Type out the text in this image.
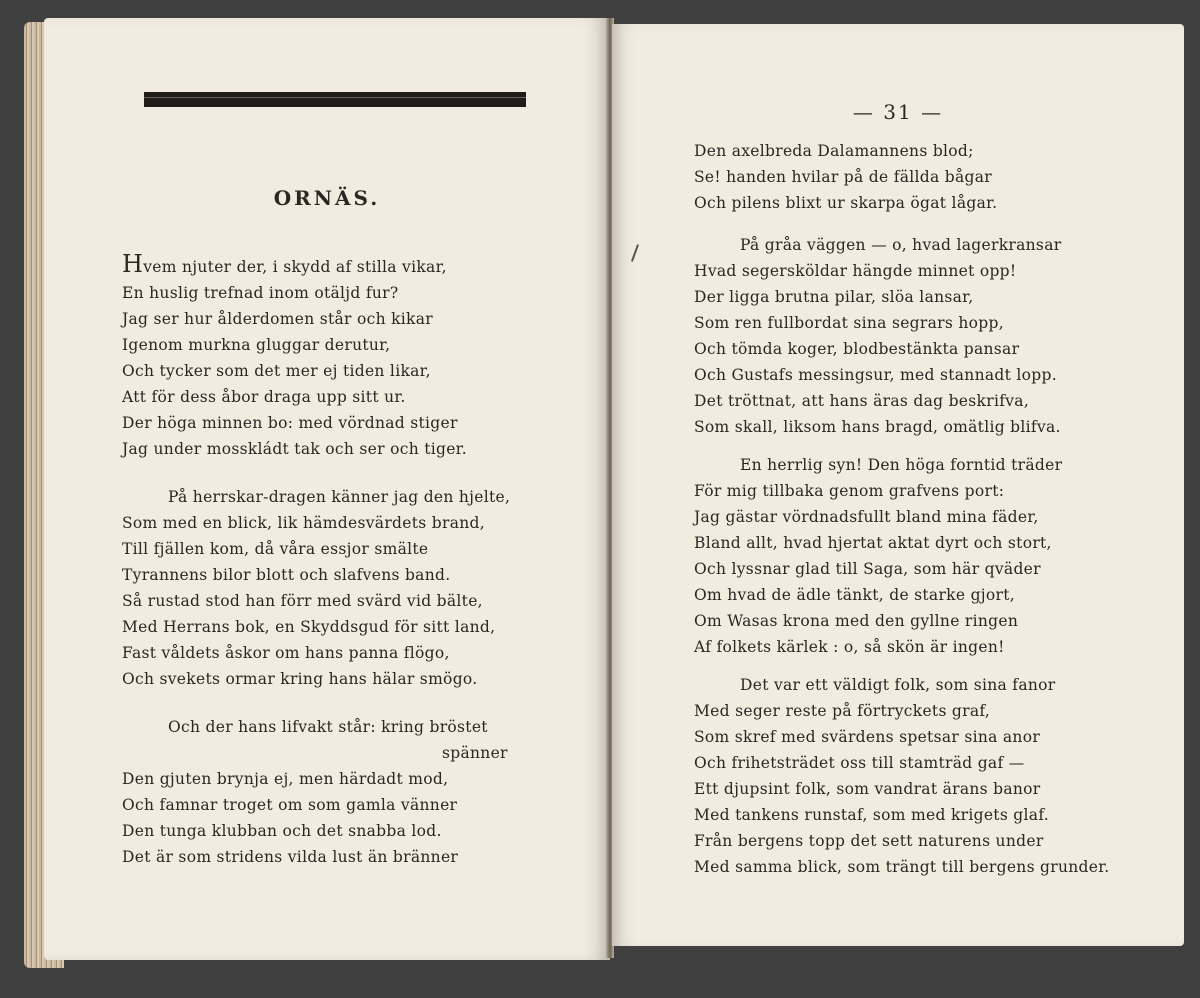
ORNÄS.
Hvem njuter der, i skydd af stilla vikar,
En huslig trefnad inom otäljd fur?
Jag ser hur ålderdomen står och kikar
Igenom murkna gluggar derutur,
Och tycker som det mer ej tiden likar,
Att för dess åbor draga upp sitt ur.
Der höga minnen bo: med vördnad stiger
Jag under mosskládt tak och ser och tiger.
På herrskar-dragen känner jag den hjelte,
Som med en blick, lik hämdesvärdets brand,
Till fjällen kom, då våra essjor smälte
Tyrannens bilor blott och slafvens band.
Så rustad stod han förr med svärd vid bälte,
Med Herrans bok, en Skyddsgud för sitt land,
Fast våldets åskor om hans panna flögo,
Och svekets ormar kring hans hälar smögo.
Och der hans lifvakt står: kring bröstet
spänner
Den gjuten brynja ej, men härdadt mod,
Och famnar troget om som gamla vänner
Den tunga klubban och det snabba lod.
Det är som stridens vilda lust än bränner
— 31 —
Den axelbreda Dalamannens blod;
Se! handen hvilar på de fällda bågar
Och pilens blixt ur skarpa ögat lågar.
På gråa väggen — o, hvad lagerkransar
Hvad segersköldar hängde minnet opp!
Der ligga brutna pilar, slöa lansar,
Som ren fullbordat sina segrars hopp,
Och tömda koger, blodbestänkta pansar
Och Gustafs messingsur, med stannadt lopp.
Det tröttnat, att hans äras dag beskrifva,
Som skall, liksom hans bragd, omätlig blifva.
En herrlig syn! Den höga forntid träder
För mig tillbaka genom grafvens port:
Jag gästar vördnadsfullt bland mina fäder,
Bland allt, hvad hjertat aktat dyrt och stort,
Och lyssnar glad till Saga, som här qväder
Om hvad de ädle tänkt, de starke gjort,
Om Wasas krona med den gyllne ringen
Af folkets kärlek : o, så skön är ingen!
Det var ett väldigt folk, som sina fanor
Med seger reste på förtryckets graf,
Som skref med svärdens spetsar sina anor
Och frihetsträdet oss till stamträd gaf —
Ett djupsint folk, som vandrat ärans banor
Med tankens runstaf, som med krigets glaf.
Från bergens topp det sett naturens under
Med samma blick, som trängt till bergens grunder.
